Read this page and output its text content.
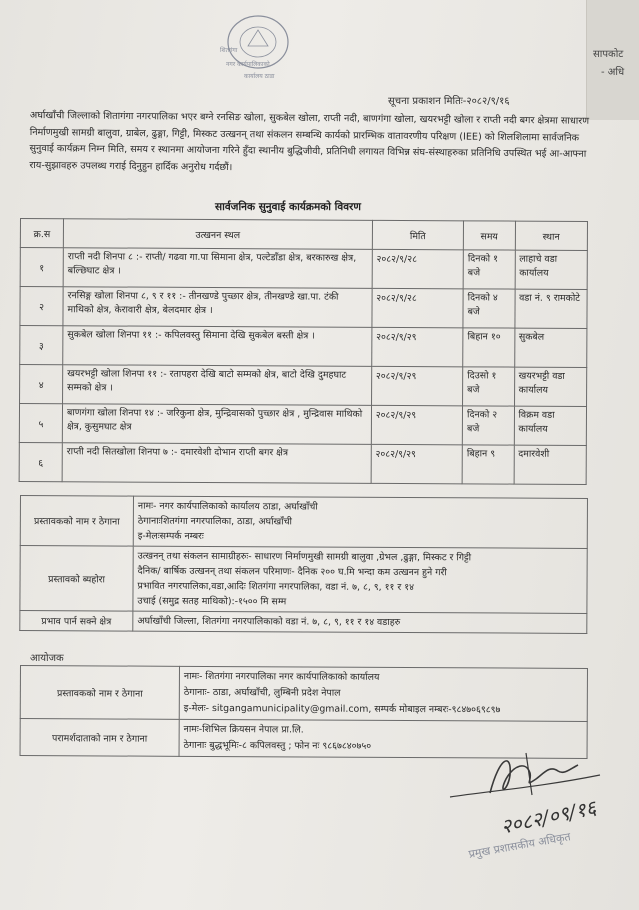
सापकोट
- अधि
शितगंगा
नगर कार्यपालिकाको
कार्यालय ठाडा
सूचना प्रकाशन मितिः-२०८२/९/१६
अर्घाखाँची जिल्लाको शितागंगा नगरपालिका भएर बग्ने रनसिङ खोला, सुकबेल खोला, राप्ती नदी, बाणगंगा खोला, खयरभट्टी खोला र राप्ती नदी बगर क्षेत्रमा साधारण निर्माणमुखी सामग्री बालुवा, ग्राबेल, ढुङ्गा, गिट्टी, मिस्कट उत्खनन् तथा संकलन सम्बन्धि कार्यको प्रारम्भिक वातावरणीय परिक्षण (IEE) को शिलशिलामा सार्वजनिक सुनुवाई कार्यक्रम निम्न मिति, समय र स्थानमा आयोजना गरिने हुँदा स्थानीय बुद्धिजीवी, प्रतिनिधी लगायत विभिन्न संघ-संस्थाहरुका प्रतिनिधि उपस्थित भई आ-आफ्ना राय-सुझावहरु उपलब्ध गराई दिनुहुन हार्दिक अनुरोध गर्दछौं।
सार्वजनिक सुनुवाई कार्यक्रमको विवरण
क्र.स	उत्खनन स्थल	मिति	समय	स्थान
१	राप्ती नदी शिनपा ८ :- राप्ती/ गढवा गा.पा सिमाना क्षेत्र, पल्टेडाँडा क्षेत्र, बरकारुख क्षेत्र, बल्छिघाट क्षेत्र ।	२०८२/९/२८	दिनको १ बजे	लाहाचे वडा कार्यालय
२	रनसिङ्ग खोला शिनपा ८, ९ र ११ :- तीनखण्डे पुच्छार क्षेत्र, तीनखण्डे खा.पा. टंकी माथिको क्षेत्र, केरावारी क्षेत्र, बेलदमार क्षेत्र ।	२०८२/९/२८	दिनको ४ बजे	वडा नं. ९ रामकोटे
३	सुकबेल खोला शिनपा ११ :- कपिलवस्तु सिमाना देखि सुकबेल बस्ती क्षेत्र ।	२०८२/९/२९	बिहान १०	सुकबेल
४	खयरभट्टी खोला शिनपा ११ :- रतापहरा देखि बाटो सम्मको क्षेत्र, बाटो देखि दुमहघाट सम्मको क्षेत्र ।	२०८२/९/२९	दिउसो १ बजे	खयरभट्टी वडा कार्यालय
५	बाणगंगा खोला शिनपा १४ :- जरिकुना क्षेत्र, मुन्द्रिवासको पुच्छार क्षेत्र , मुन्द्रिवास माथिको क्षेत्र, कुसुमघाट क्षेत्र	२०८२/९/२९	दिनको २ बजे	विक्रम वडा कार्यालय
६	राप्ती नदी सितखोला शिनपा ७ :- दमारवेशी दोभान राप्ती बगर क्षेत्र	२०८२/९/२९	बिहान ९	दमारवेशी
प्रस्तावकको नाम र ठेगाना	नामः- नगर कार्यपालिकाको कार्यालय ठाडा, अर्घाखाँची
ठेगानाःशितगंगा नगरपालिका, ठाडा, अर्घाखाँची
इ-मेलःसम्पर्क नम्बरः

प्रस्तावको ब्यहोरा	उत्खनन् तथा संकलन सामाग्रीहरुः- साधारण निर्माणमुखी सामग्री बालुवा ,ग्रेभल ,ढुङ्गा, मिस्कट र गिट्टी
दैनिक/ बार्षिक उत्खनन् तथा संकलन परिमाणः- दैनिक २०० घ.मि भन्दा कम उत्खनन हुने गरी
प्रभावित नगरपालिका,वडा,आदिः शितगंगा नगरपालिका, वडा नं. ७, ८, ९, ११ र १४
उचाई (समुद्र सतह माथिको):-१५०० मि सम्म

प्रभाव पार्न सक्ने क्षेत्र	अर्घाखाँची जिल्ला, शितगंगा नगरपालिकाको वडा नं. ७, ८, ९, ११ र १४ वडाहरु
आयोजक
प्रस्तावकको नाम र ठेगाना	नामः- शितगंगा नगरपालिका नगर कार्यपालिकाको कार्यालय
ठेगानाः- ठाडा, अर्घाखाँची, लुम्बिनी प्रदेश नेपाल
इ-मेलः- sitgangamunicipality@gmail.com, सम्पर्क मोबाइल नम्बरः-९८४७०६९८९७

परामर्शदाताको नाम र ठेगाना	नामः-शिभिल क्रियसन नेपाल प्रा.लि.
ठेगानाः बुद्धभूमिः-८ कपिलवस्तु ; फोन नः ९८६७८४०७५०
२०८२/०९/१६
प्रमुख प्रशासकीय अधिकृत
